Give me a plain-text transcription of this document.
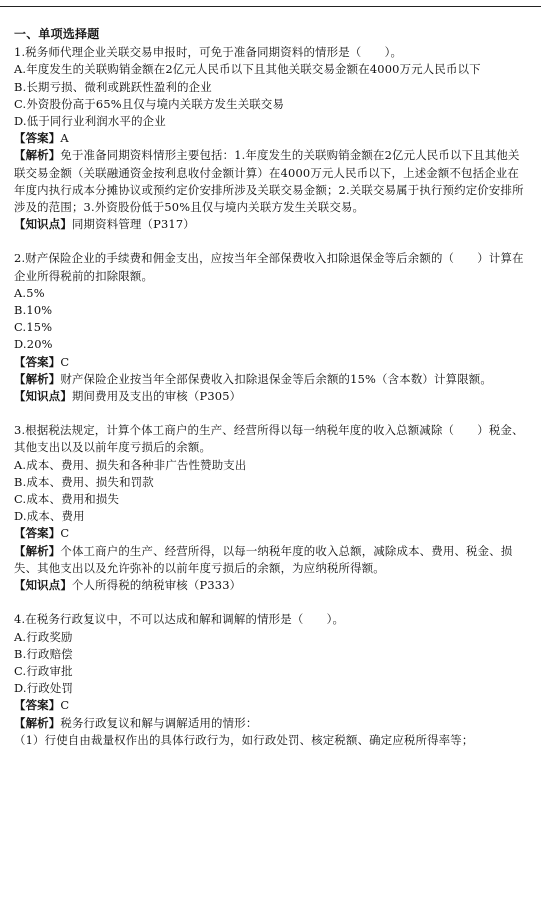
一、单项选择题

1.税务师代理企业关联交易申报时，可免于准备同期资料的情形是（　　）。

A.年度发生的关联购销金额在2亿元人民币以下且其他关联交易金额在4000万元人民币以下

B.长期亏损、微利或跳跃性盈利的企业

C.外资股份高于65%且仅与境内关联方发生关联交易

D.低于同行业利润水平的企业

【答案】A

【解析】免于准备同期资料情形主要包括：1.年度发生的关联购销金额在2亿元人民币以下且其他关联交易金额（关联融通资金按利息收付金额计算）在4000万元人民币以下，上述金额不包括企业在年度内执行成本分摊协议或预约定价安排所涉及关联交易金额；2.关联交易属于执行预约定价安排所涉及的范围；3.外资股份低于50%且仅与境内关联方发生关联交易。

【知识点】同期资料管理（P317）

2.财产保险企业的手续费和佣金支出，应按当年全部保费收入扣除退保金等后余额的（　　）计算在企业所得税前的扣除限额。

A.5%

B.10%

C.15%

D.20%

【答案】C

【解析】财产保险企业按当年全部保费收入扣除退保金等后余额的15%（含本数）计算限额。

【知识点】期间费用及支出的审核（P305）

3.根据税法规定，计算个体工商户的生产、经营所得以每一纳税年度的收入总额减除（　　）税金、其他支出以及以前年度亏损后的余额。

A.成本、费用、损失和各种非广告性赞助支出

B.成本、费用、损失和罚款

C.成本、费用和损失

D.成本、费用

【答案】C

【解析】个体工商户的生产、经营所得，以每一纳税年度的收入总额，减除成本、费用、税金、损失、其他支出以及允许弥补的以前年度亏损后的余额，为应纳税所得额。

【知识点】个人所得税的纳税审核（P333）

4.在税务行政复议中，不可以达成和解和调解的情形是（　　）。

A.行政奖励

B.行政赔偿

C.行政审批

D.行政处罚

【答案】C

【解析】税务行政复议和解与调解适用的情形：

（1）行使自由裁量权作出的具体行政行为，如行政处罚、核定税额、确定应税所得率等；
